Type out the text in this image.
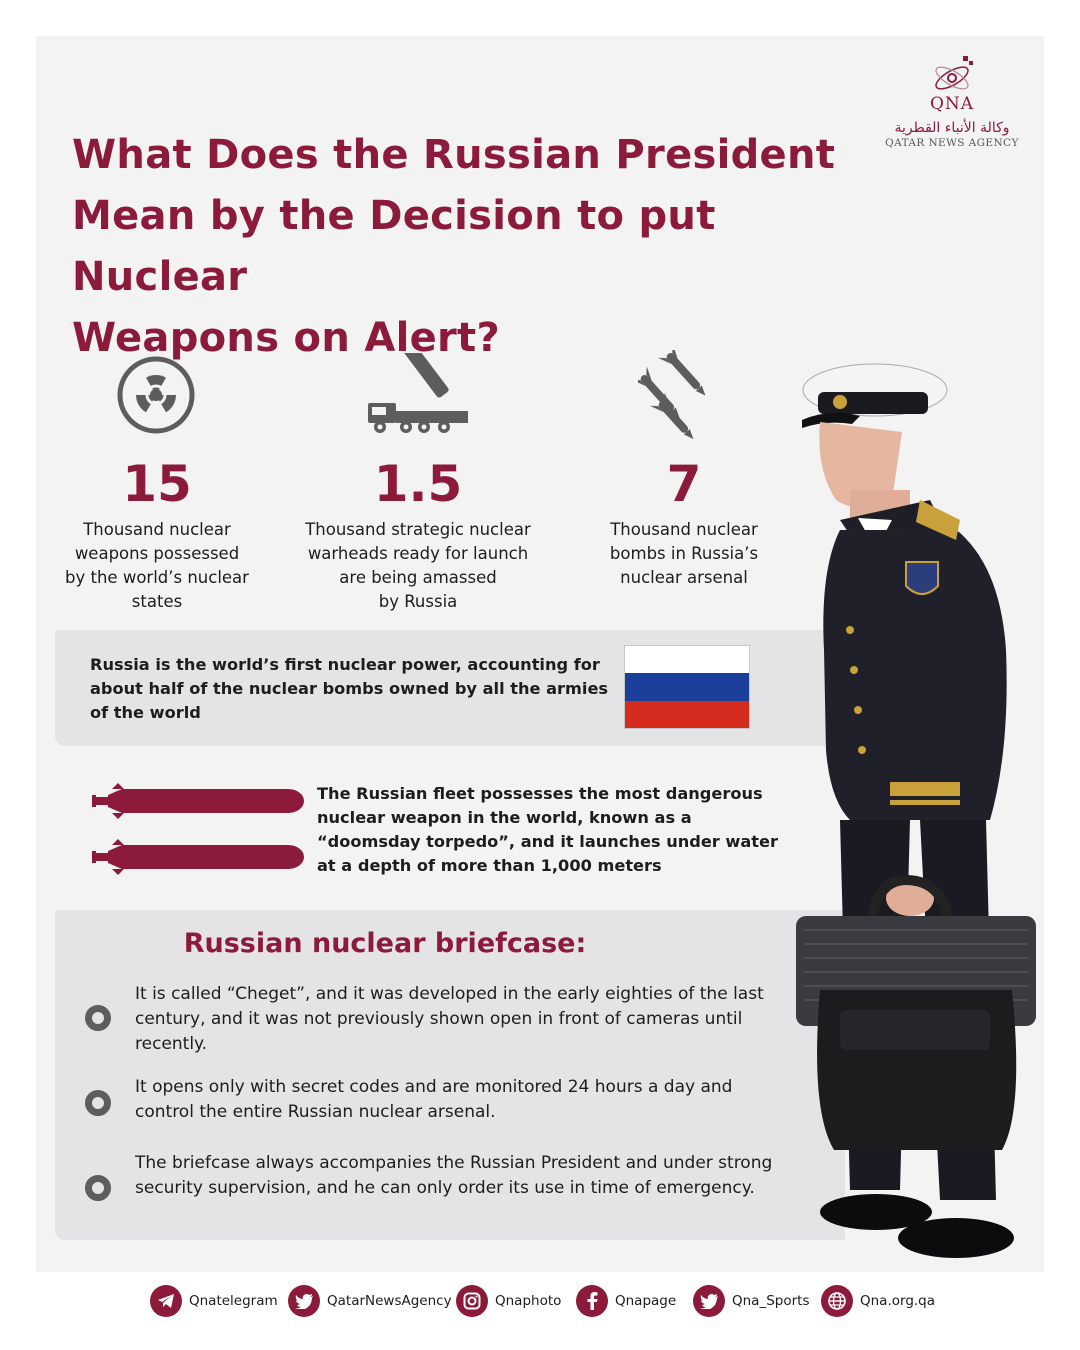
QNA
وكالة الأنباء القطرية
QATAR NEWS AGENCY
What Does the Russian President
Mean by the Decision to put Nuclear
Weapons on Alert?
15
Thousand nuclear
weapons possessed
by the world’s nuclear
states
1.5
Thousand strategic nuclear
warheads ready for launch
are being amassed
by Russia
7
Thousand nuclear
bombs in Russia’s
nuclear arsenal

Russia is the world’s first nuclear power, accounting for about half of the nuclear bombs owned by all the armies of the world

The Russian fleet possesses the most dangerous nuclear weapon in the world, known as a “doomsday torpedo”, and it launches under water at a depth of more than 1,000 meters

Russian nuclear briefcase:

It is called “Cheget”, and it was developed in the early eighties of the last century, and it was not previously shown open in front of cameras until recently.

It opens only with secret codes and are monitored 24 hours a day and control the entire Russian nuclear arsenal.

The briefcase always accompanies the Russian President and under strong security supervision, and he can only order its use in time of emergency.

Qnatelegram	QatarNewsAgency	Qnaphoto	Qnapage	Qna_Sports	Qna.org.qa
